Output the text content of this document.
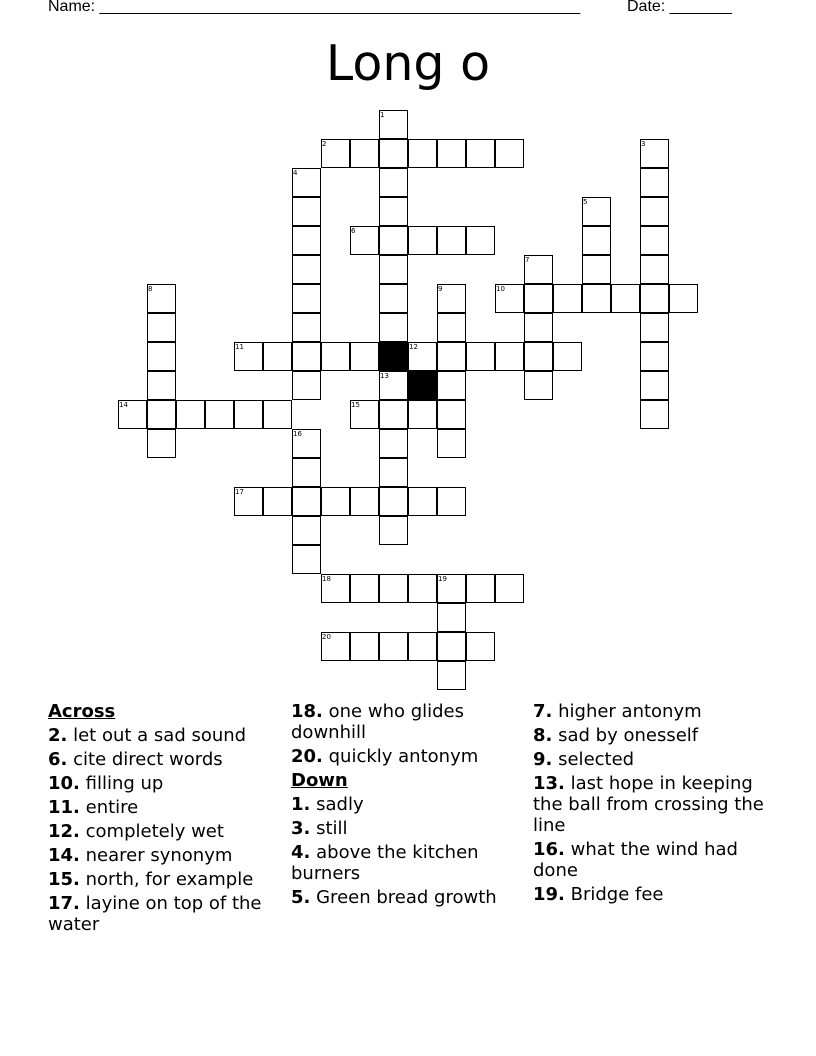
Name: ______________________________________________________	Date: _______
Long o
1
2	3
4
5
6
7
8	9	10
11	12
13
14	15
16
17
18	19
20
Across
2. let out a sad sound
6. cite direct words
10. filling up
11. entire
12. completely wet
14. nearer synonym
15. north, for example
17. layine on top of the water
18. one who glides downhill
20. quickly antonym
Down
1. sadly
3. still
4. above the kitchen burners
5. Green bread growth
7. higher antonym
8. sad by onesself
9. selected
13. last hope in keeping the ball from crossing the line
16. what the wind had done
19. Bridge fee
